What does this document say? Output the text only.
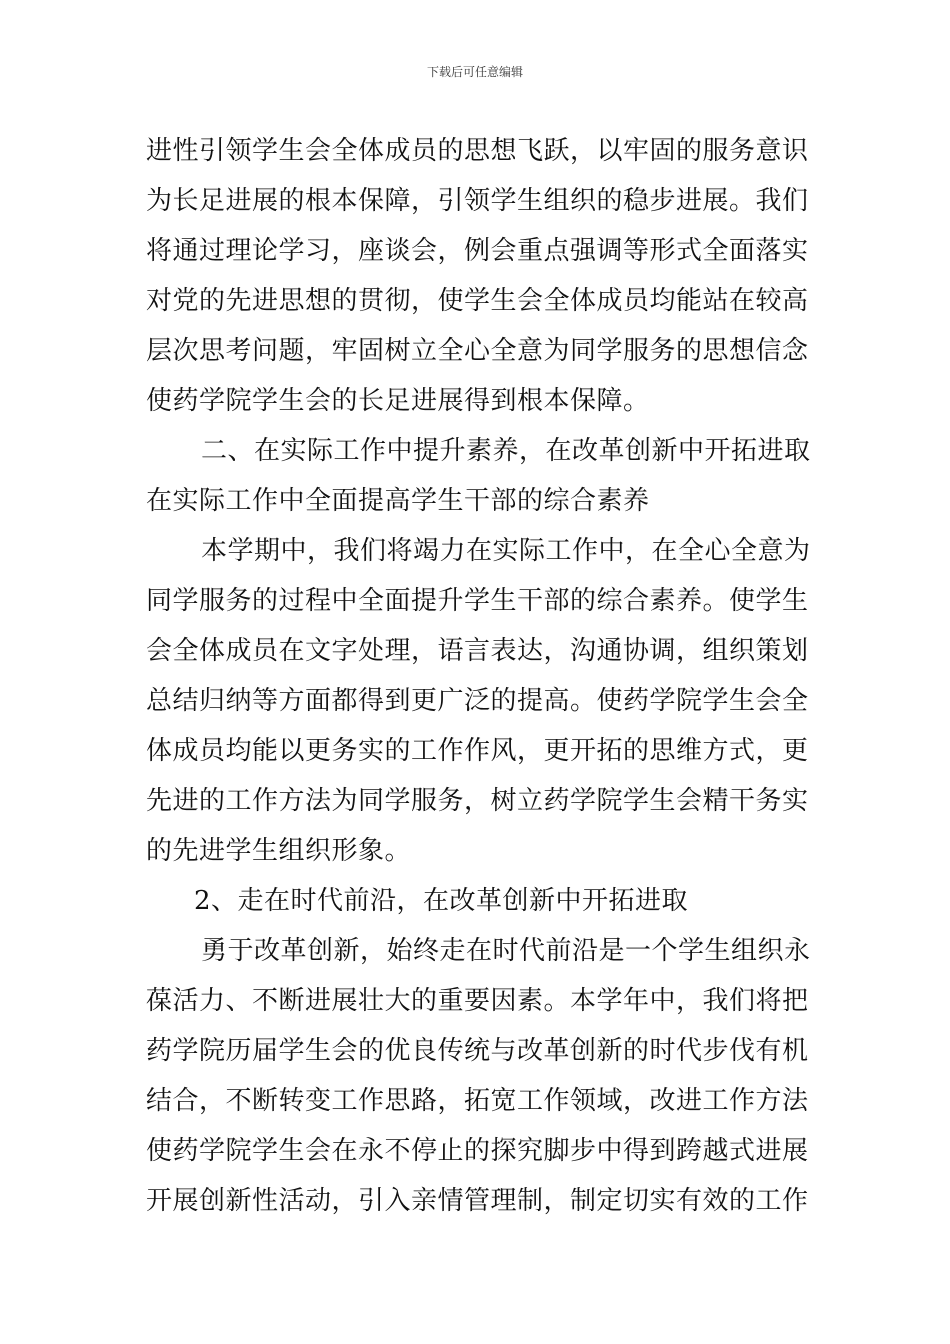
下载后可任意编辑
进性引领学生会全体成员的思想飞跃，以牢固的服务意识
为长足进展的根本保障，引领学生组织的稳步进展。我们
将通过理论学习，座谈会，例会重点强调等形式全面落实
对党的先进思想的贯彻，使学生会全体成员均能站在较高
层次思考问题，牢固树立全心全意为同学服务的思想信念
使药学院学生会的长足进展得到根本保障。
二、在实际工作中提升素养，在改革创新中开拓进取
在实际工作中全面提高学生干部的综合素养
本学期中，我们将竭力在实际工作中，在全心全意为
同学服务的过程中全面提升学生干部的综合素养。使学生
会全体成员在文字处理，语言表达，沟通协调，组织策划
总结归纳等方面都得到更广泛的提高。使药学院学生会全
体成员均能以更务实的工作作风，更开拓的思维方式，更
先进的工作方法为同学服务，树立药学院学生会精干务实
的先进学生组织形象。
2、走在时代前沿，在改革创新中开拓进取
勇于改革创新，始终走在时代前沿是一个学生组织永
葆活力、不断进展壮大的重要因素。本学年中，我们将把
药学院历届学生会的优良传统与改革创新的时代步伐有机
结合，不断转变工作思路，拓宽工作领域，改进工作方法
使药学院学生会在永不停止的探究脚步中得到跨越式进展
开展创新性活动，引入亲情管理制，制定切实有效的工作
